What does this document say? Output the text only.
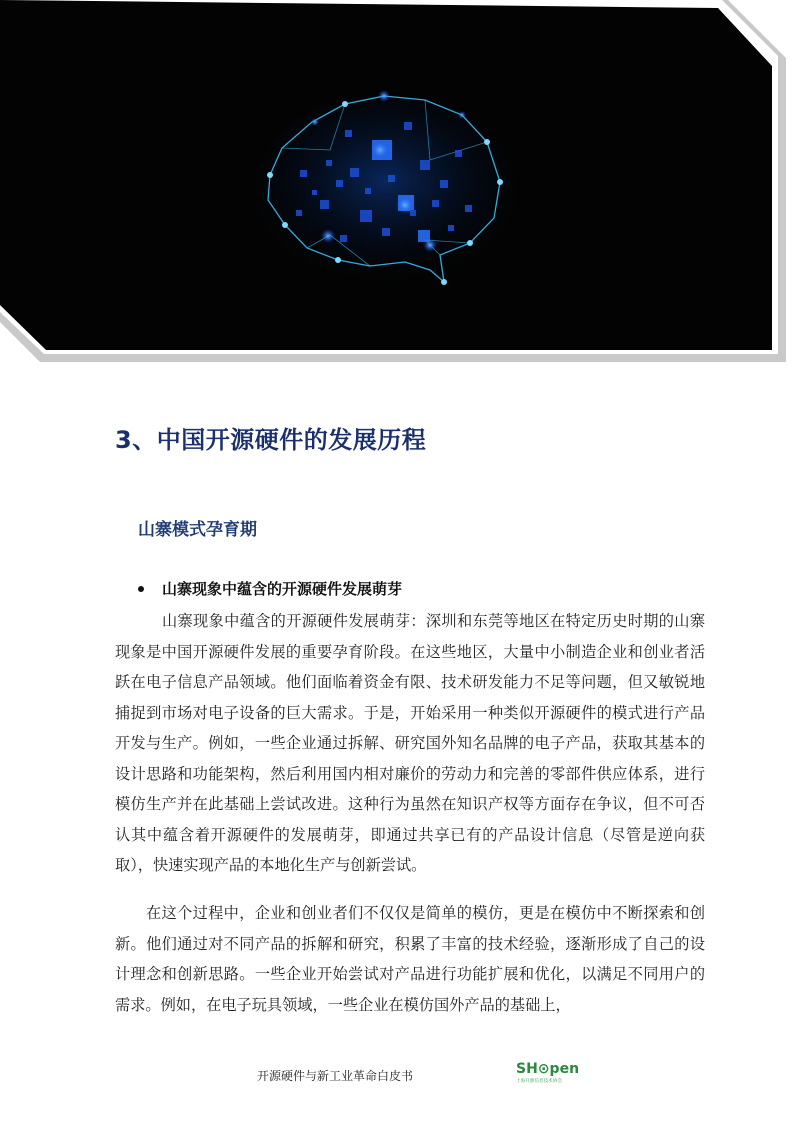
3、中国开源硬件的发展历程
山寨模式孕育期
山寨现象中蕴含的开源硬件发展萌芽

山寨现象中蕴含的开源硬件发展萌芽：深圳和东莞等地区在特定历史时期的山寨现象是中国开源硬件发展的重要孕育阶段。在这些地区，大量中小制造企业和创业者活跃在电子信息产品领域。他们面临着资金有限、技术研发能力不足等问题，但又敏锐地捕捉到市场对电子设备的巨大需求。于是，开始采用一种类似开源硬件的模式进行产品开发与生产。例如，一些企业通过拆解、研究国外知名品牌的电子产品，获取其基本的设计思路和功能架构，然后利用国内相对廉价的劳动力和完善的零部件供应体系，进行模仿生产并在此基础上尝试改进。这种行为虽然在知识产权等方面存在争议，但不可否认其中蕴含着开源硬件的发展萌芽，即通过共享已有的产品设计信息（尽管是逆向获取），快速实现产品的本地化生产与创新尝试。

在这个过程中，企业和创业者们不仅仅是简单的模仿，更是在模仿中不断探索和创新。他们通过对不同产品的拆解和研究，积累了丰富的技术经验，逐渐形成了自己的设计理念和创新思路。一些企业开始尝试对产品进行功能扩展和优化，以满足不同用户的需求。例如，在电子玩具领域，一些企业在模仿国外产品的基础上，

开源硬件与新工业革命白皮书	SH⊙pen
上海开源信息技术协会
